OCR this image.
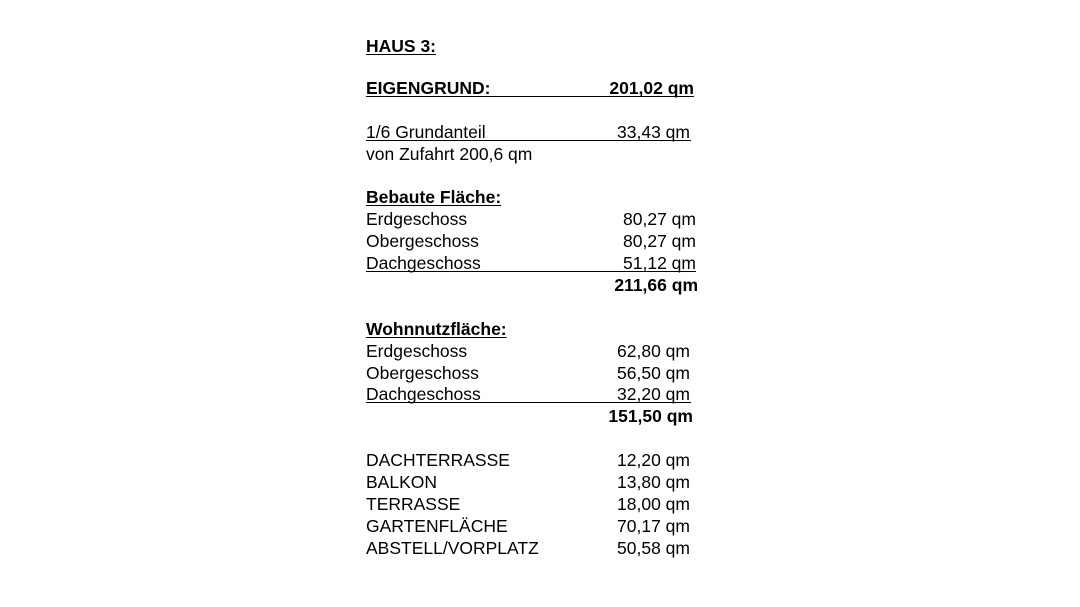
HAUS 3:
EIGENGRUND:	201,02 qm
1/6 Grundanteil	33,43 qm
von Zufahrt 200,6 qm
Bebaute Fläche:
Erdgeschoss	80,27 qm
Obergeschoss	80,27 qm
Dachgeschoss	51,12 qm
211,66 qm
Wohnnutzfläche:
Erdgeschoss	62,80 qm
Obergeschoss	56,50 qm
Dachgeschoss	32,20 qm
151,50 qm
DACHTERRASSE	12,20 qm
BALKON	13,80 qm
TERRASSE	18,00 qm
GARTENFLÄCHE	70,17 qm
ABSTELL/VORPLATZ	50,58 qm
